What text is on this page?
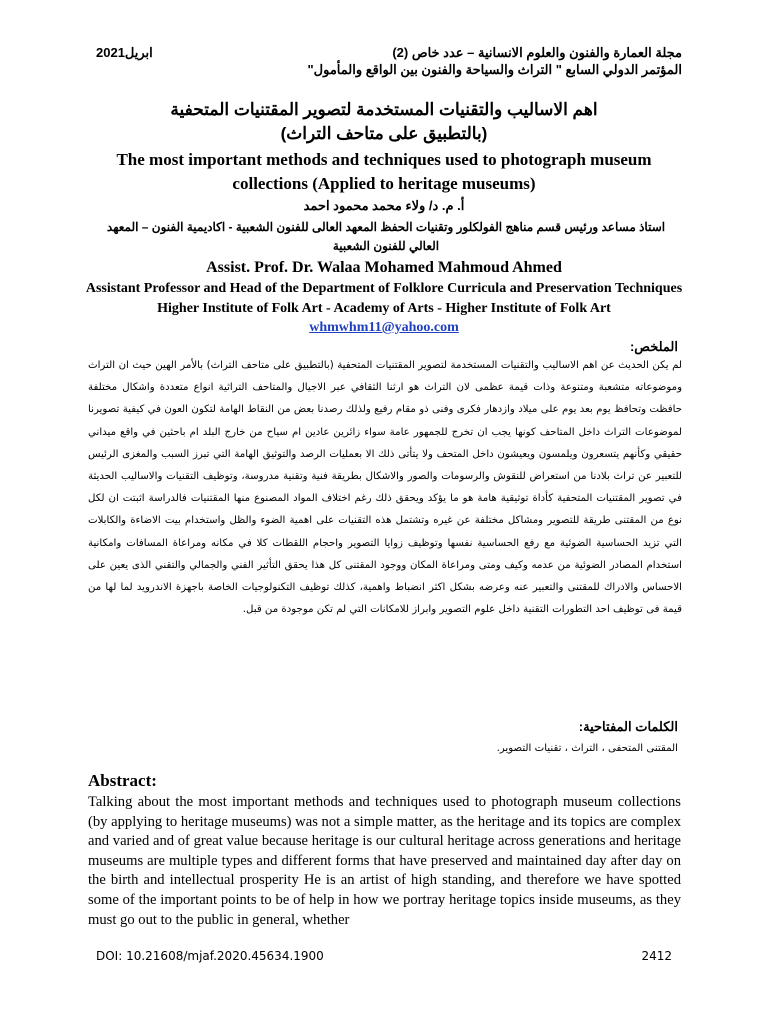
ابريل2021	مجلة العمارة والفنون والعلوم الانسانية – عدد خاص (2)
المؤتمر الدولي السابع " التراث والسياحة والفنون بين الواقع والمأمول"

اهم الاساليب والتقنيات المستخدمة لتصوير المقتنيات المتحفية

(بالتطبيق على متاحف التراث)

The most important methods and techniques used to photograph museum collections (Applied to heritage museums)

أ. م. د/ ولاء محمد محمود احمد
استاذ مساعد ورئيس قسم مناهج الفولكلور وتقنيات الحفظ المعهد العالى للفنون الشعبية - اكاديمية الفنون – المعهد العالي للفنون الشعبية
Assist. Prof. Dr. Walaa Mohamed Mahmoud Ahmed
Assistant Professor and Head of the Department of Folklore Curricula and Preservation Techniques Higher Institute of Folk Art - Academy of Arts - Higher Institute of Folk Art
whmwhm11@yahoo.com
الملخص:
لم يكن الحديث عن اهم الاساليب والتقنيات المستخدمة لتصوير المقتنيات المتحفية (بالتطبيق على متاحف التراث) بالأمر الهين حيث ان التراث وموضوعاته متشعبة ومتنوعة وذات قيمة عظمى لان التراث هو ارثنا الثقافي عبر الاجيال والمتاحف التراثية انواع متعددة واشكال مختلفة حافظت وتحافظ يوم بعد يوم على ميلاد وازدهار فكرى وفنى ذو مقام رفيع ولذلك رصدنا بعض من النقاط الهامة لتكون العون في كيفية تصويرنا لموضوعات التراث داخل المتاحف كونها يجب ان تخرج للجمهور عامة سواء زائرين عادين ام سياح من خارج البلد ام باحثين في واقع ميداني حقيقي وكأنهم يتسعرون ويلمسون ويعيشون داخل المتحف ولا يتأتى ذلك الا بعمليات الرصد والتوثيق الهامة التي تبرز السبب والمغزى الرئيس للتعبير عن تراث بلادنا من استعراض للنقوش والرسومات والصور والاشكال بطريقة فنية وتقنية مدروسة، وتوظيف التقنيات والاساليب الحديثة في تصوير المقتنيات المتحفية كأداة توثيقية هامة هو ما يؤكد ويحقق ذلك رغم اختلاف المواد المصنوع منها المقتنيات فالدراسة اثبتت ان لكل نوع من المقتنى طريقة للتصوير ومشاكل مختلفة عن غيره وتشتمل هذه التقنيات على اهمية الضوء والظل واستخدام بيت الاضاءة والكابلات التي تزيد الحساسية الضوئية مع رفع الحساسية نفسها وتوظيف زوايا التصوير واحجام اللقطات كلا في مكانه ومراعاة المسافات وامكانية استخدام المصادر الضوئية من عدمه وكيف ومتى ومراعاة المكان ووجود المقتنى كل هذا يحقق التأثير الفني والجمالي والتقني الذى يعين على الاحساس والادراك للمقتنى والتعبير عنه وعرضه بشكل اكثر انضباط واهمية، كذلك توظيف التكنولوجيات الخاصة باجهزة الاندرويد لما لها من قيمة فى توظيف احد التطورات التقنية داخل علوم التصوير وابراز للامكانات التي لم تكن موجودة من قبل.
الكلمات المفتاحية:
المقتنى المتحفى ، التراث ، تقنيات التصوير.
Abstract:
Talking about the most important methods and techniques used to photograph museum collections (by applying to heritage museums) was not a simple matter, as the heritage and its topics are complex and varied and of great value because heritage is our cultural heritage across generations and heritage museums are multiple types and different forms that have preserved and maintained day after day on the birth and intellectual prosperity He is an artist of high standing, and therefore we have spotted some of the important points to be of help in how we portray heritage topics inside museums, as they must go out to the public in general, whether
DOI: 10.21608/mjaf.2020.45634.1900	2412
